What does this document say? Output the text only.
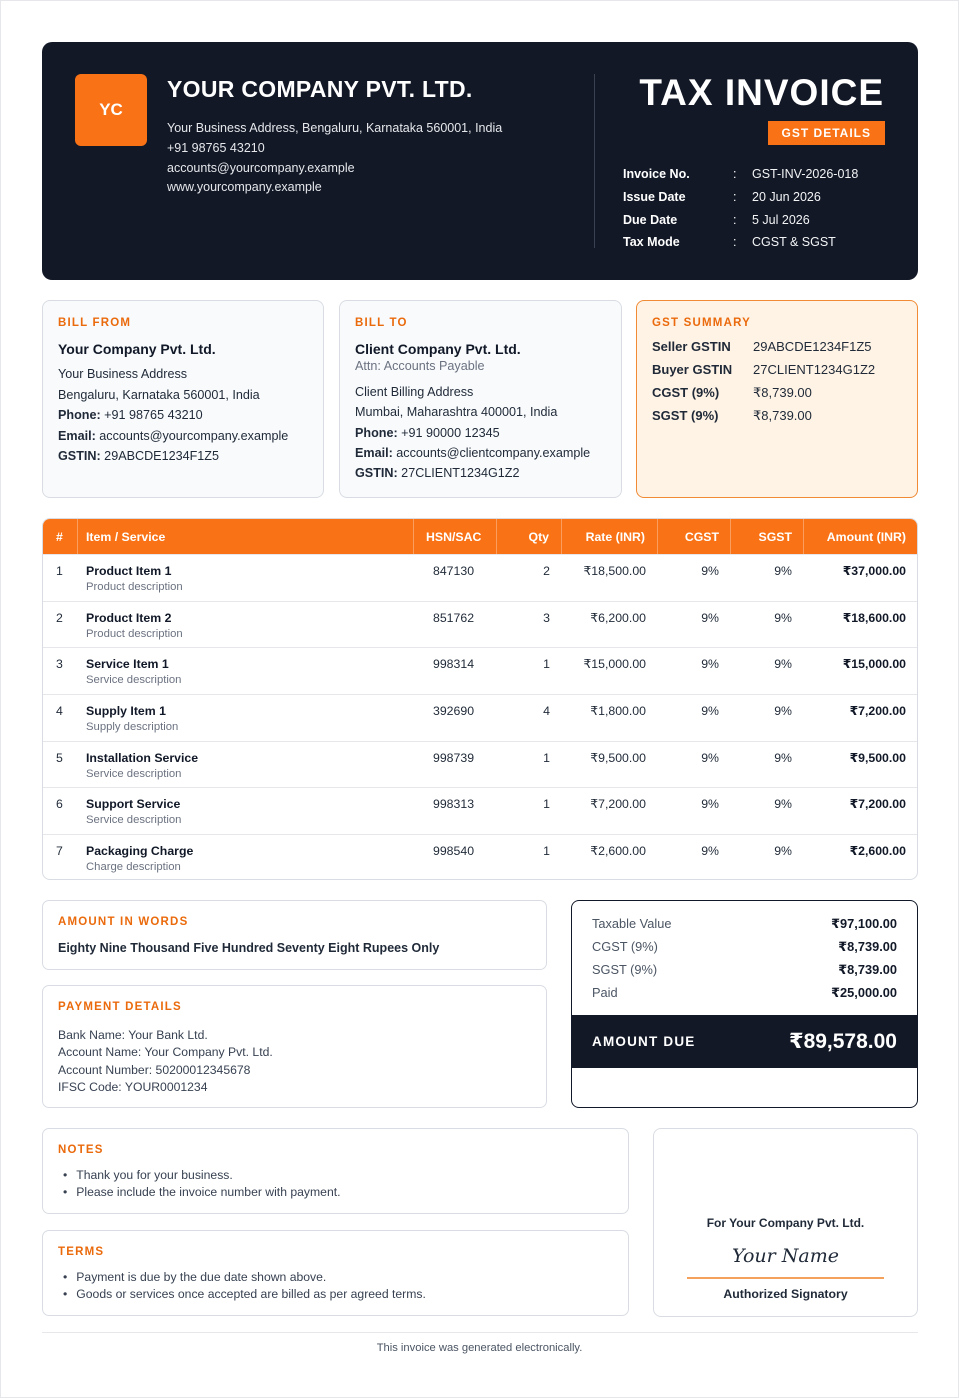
YC
YOUR COMPANY PVT. LTD.
Your Business Address, Bengaluru, Karnataka 560001, India
+91 98765 43210
accounts@yourcompany.example
www.yourcompany.example
TAX INVOICE
GST DETAILS
Invoice No.	:	GST-INV-2026-018
Issue Date	:	20 Jun 2026
Due Date	:	5 Jul 2026
Tax Mode	:	CGST & SGST
BILL FROM
Your Company Pvt. Ltd.
Your Business Address
Bengaluru, Karnataka 560001, India
Phone: +91 98765 43210
Email: accounts@yourcompany.example
GSTIN: 29ABCDE1234F1Z5
BILL TO
Client Company Pvt. Ltd.
Attn: Accounts Payable
Client Billing Address
Mumbai, Maharashtra 400001, India
Phone: +91 90000 12345
Email: accounts@clientcompany.example
GSTIN: 27CLIENT1234G1Z2
GST SUMMARY
Seller GSTIN	29ABCDE1234F1Z5
Buyer GSTIN	27CLIENT1234G1Z2
CGST (9%)	₹8,739.00
SGST (9%)	₹8,739.00
# Item / Service	HSN/SAC	Qty	Rate (INR)	CGST	SGST	Amount (INR)
1 Product Item 1
Product description
847130	2	₹18,500.00	9%	9%	₹37,000.00
2 Product Item 2
Product description
851762	3	₹6,200.00	9%	9%	₹18,600.00
3 Service Item 1
Service description
998314	1	₹15,000.00	9%	9%	₹15,000.00
4 Supply Item 1
Supply description
392690	4	₹1,800.00	9%	9%	₹7,200.00
5 Installation Service
Service description
998739	1	₹9,500.00	9%	9%	₹9,500.00
6 Support Service
Service description
998313	1	₹7,200.00	9%	9%	₹7,200.00
7 Packaging Charge
Charge description
998540	1	₹2,600.00	9%	9%	₹2,600.00
AMOUNT IN WORDS
Eighty Nine Thousand Five Hundred Seventy Eight Rupees Only
PAYMENT DETAILS
Bank Name: Your Bank Ltd.
Account Name: Your Company Pvt. Ltd.
Account Number: 50200012345678
IFSC Code: YOUR0001234
Taxable Value	₹97,100.00
CGST (9%)	₹8,739.00
SGST (9%)	₹8,739.00
Paid	₹25,000.00
AMOUNT DUE	₹89,578.00
NOTES
• Thank you for your business.
• Please include the invoice number with payment.
TERMS
• Payment is due by the due date shown above.
• Goods or services once accepted are billed as per agreed terms.
For Your Company Pvt. Ltd.
Your Name
Authorized Signatory
This invoice was generated electronically.
